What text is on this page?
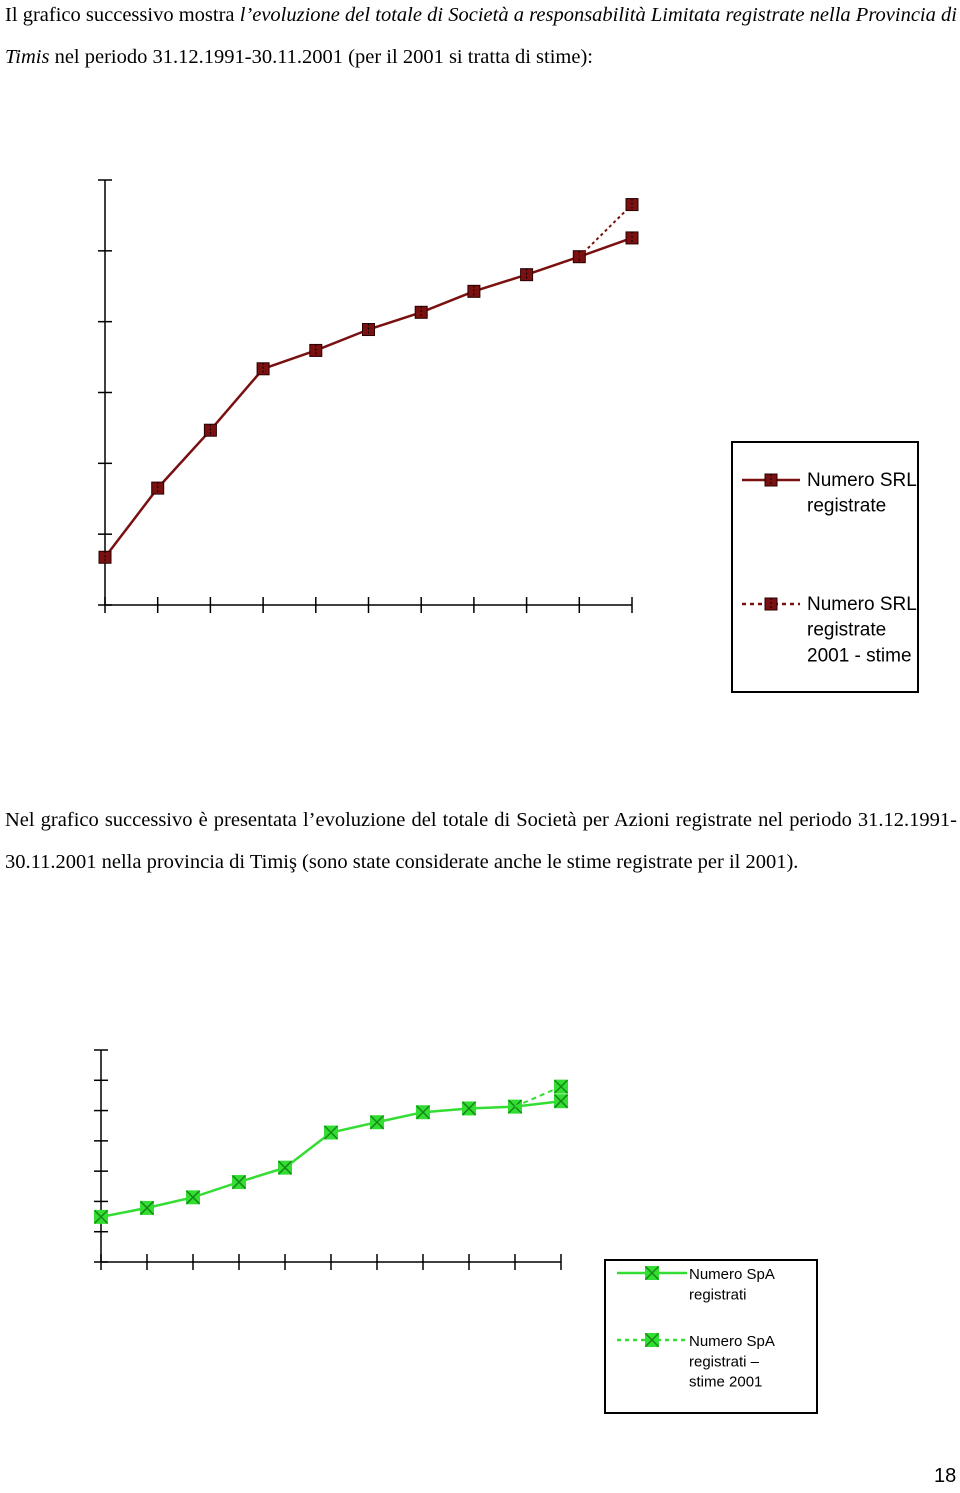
Il grafico successivo mostra l’evoluzione del totale di Società a responsabilità Limitata registrate nella Provincia di Timis nel periodo 31.12.1991-30.11.2001 (per il 2001 si tratta di stime):
Numero SRL registrate
Numero SRL registrate 2001 - stime
Nel grafico successivo è presentata l’evoluzione del totale di Società per Azioni registrate nel periodo 31.12.1991-30.11.2001 nella provincia di Timiş (sono state considerate anche le stime registrate per il 2001).
Numero SpA registrati
Numero SpA registrati – stime 2001
18
